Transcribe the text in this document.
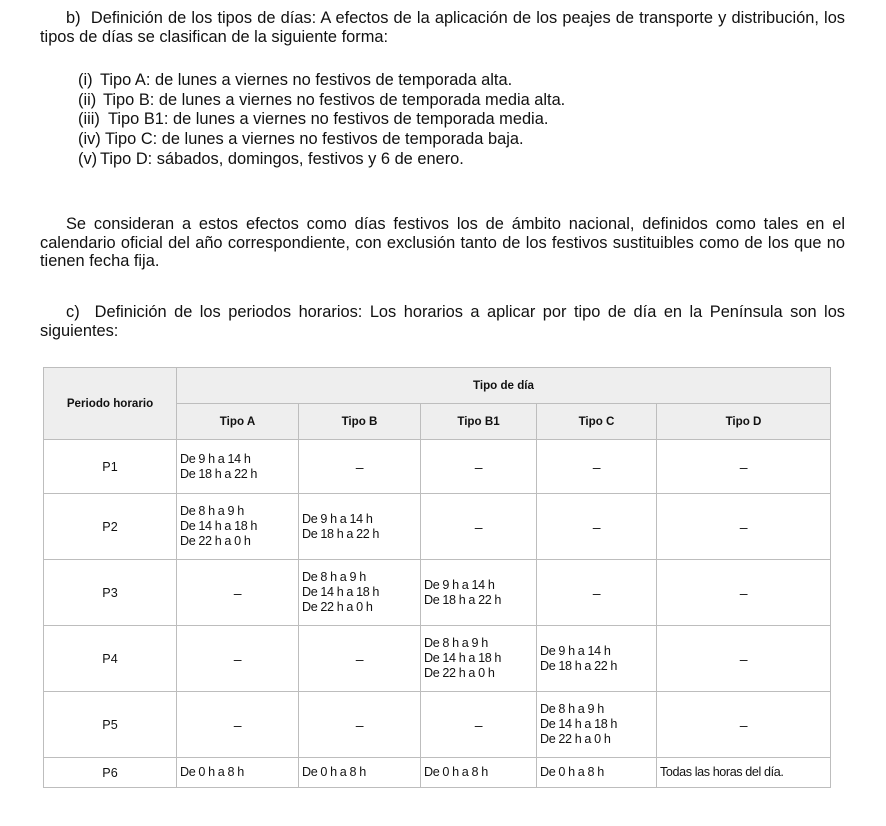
b) Definición de los tipos de días: A efectos de la aplicación de los peajes de transporte y distribución, los tipos de días se clasifican de la siguiente forma:

(i) Tipo A: de lunes a viernes no festivos de temporada alta.
(ii) Tipo B: de lunes a viernes no festivos de temporada media alta.
(iii) Tipo B1: de lunes a viernes no festivos de temporada media.
(iv) Tipo C: de lunes a viernes no festivos de temporada baja.
(v) Tipo D: sábados, domingos, festivos y 6 de enero.

Se consideran a estos efectos como días festivos los de ámbito nacional, definidos como tales en el calendario oficial del año correspondiente, con exclusión tanto de los festivos sustituibles como de los que no tienen fecha fija.

c) Definición de los periodos horarios: Los horarios a aplicar por tipo de día en la Península son los siguientes:

Periodo horario	Tipo de día				
	Tipo A	Tipo B	Tipo B1	Tipo C	Tipo D
P1	De 9 h a 14 h
De 18 h a 22 h	–	–	–	–

P2	De 8 h a 9 h
De 14 h a 18 h
De 22 h a 0 h	De 9 h a 14 h
De 18 h a 22 h	–	–	–

P3	–	De 8 h a 9 h
De 14 h a 18 h
De 22 h a 0 h	De 9 h a 14 h
De 18 h a 22 h	–	–

P4	–	–	De 8 h a 9 h
De 14 h a 18 h
De 22 h a 0 h	De 9 h a 14 h
De 18 h a 22 h	–

P5	–	–	–	De 8 h a 9 h
De 14 h a 18 h
De 22 h a 0 h	–

P6	De 0 h a 8 h	De 0 h a 8 h	De 0 h a 8 h	De 0 h a 8 h	Todas las horas del día.
